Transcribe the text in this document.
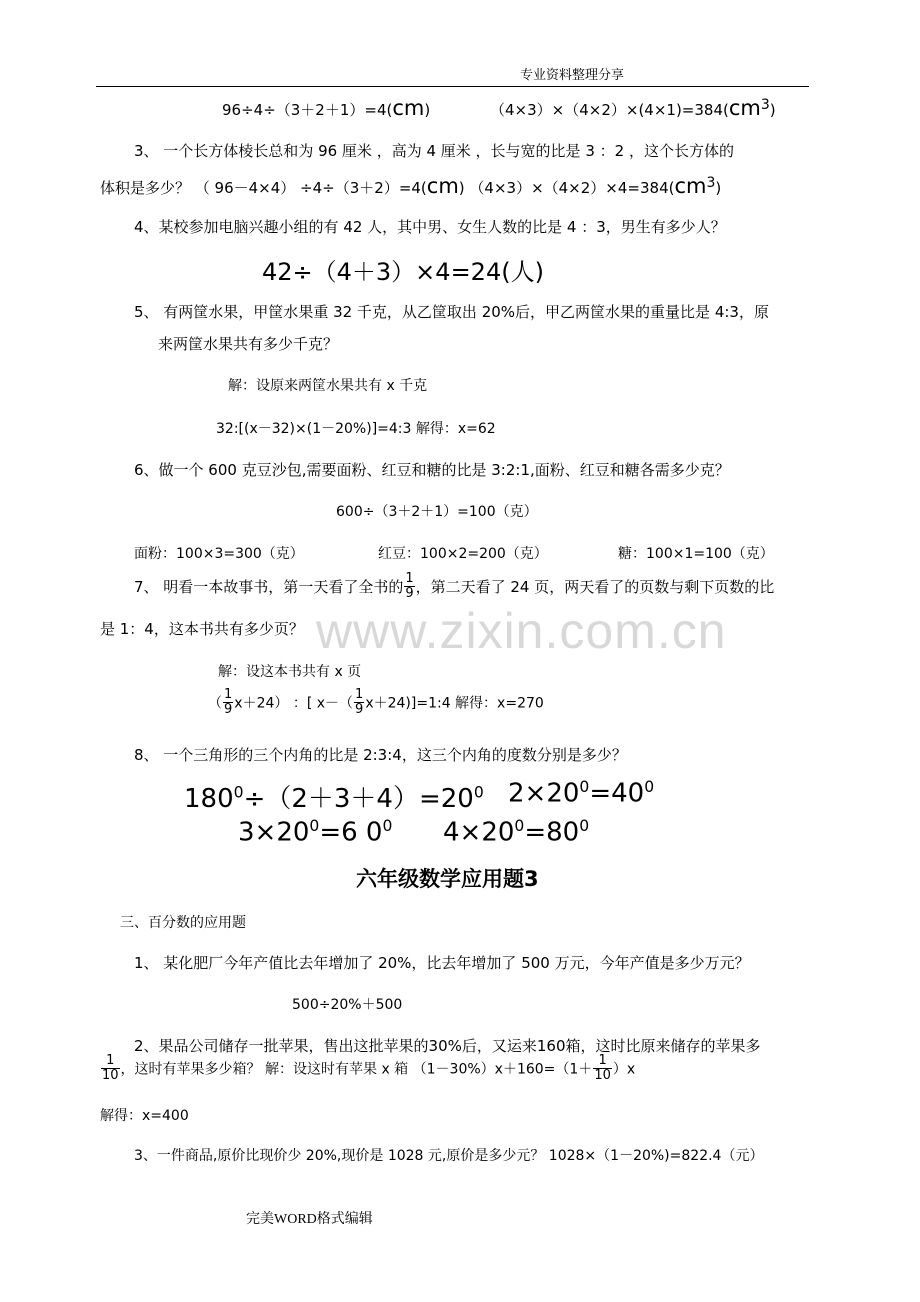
专业资料整理分享
www.zixin.com.cn
96÷4÷（3＋2＋1）=4(cm)	$(4\times 3)\times(4\times 2)\times(4\times 1)=384(cm^3)$
3、 一个长方体棱长总和为 96 厘米 ，高为 4 厘米 ，长与宽的比是 3 ：2 ，这个长方体的
体积是多少？ （ 96－4×4） ÷4÷（3＋2）=4(cm) $(4\times 3)\times(4\times 2)\times 4=384(cm^3)$
4、某校参加电脑兴趣小组的有 42 人，其中男、女生人数的比是 4 ：3，男生有多少人？
42÷（4＋3）×4=24(人)
5、 有两筐水果，甲筐水果重 32 千克，从乙筐取出 20%后，甲乙两筐水果的重量比是 4:3，原
来两筐水果共有多少千克？
解：设原来两筐水果共有 x 千克
32:[(x－32)×(1－20%)]=4:3 解得：x=62
6、做一个 600 克豆沙包,需要面粉、红豆和糖的比是 3:2:1,面粉、红豆和糖各需多少克？
600÷（3＋2＋1）=100（克）
面粉：100×3=300（克）	红豆：100×2=200（克）	糖：100×1=100（克）
7、 明看一本故事书，第一天看了全书的 $\frac{1}{9}$ ，第二天看了 24 页，两天看了的页数与剩下页数的比
是 1：4，这本书共有多少页？
解：设这本书共有 x 页
（ $\frac{1}{9} x+24$） ：[ $x-( \frac{1}{9}$ x＋24)]=1:4 解得：x=270
8、 一个三角形的三个内角的比是 2:3:4，这三个内角的度数分别是多少？
$180^0\div(2+3+4)=20^0$ $2\times 20^0=40^0$
$3\times 20^0=6$ $0^0$ $4\times 20^0=80^0$
六年级数学应用题3
三、百分数的应用题
1、 某化肥厂今年产值比去年增加了 20%，比去年增加了 500 万元，今年产值是多少万元？
500÷20%＋500
2、果品公司储存一批苹果，售出这批苹果的30%后，又运来160箱，这时比原来储存的苹果多
$\frac{1}{10}$ ，这时有苹果多少箱？ 解：设这时有苹果 x 箱 $(1-30\%)x+160=(1+ \frac{1}{10} )x$
解得：x=400
3、一件商品,原价比现价少 20%,现价是 1028 元,原价是多少元？ 1028×（1－20%)=822.4（元）
完美WORD格式编辑
